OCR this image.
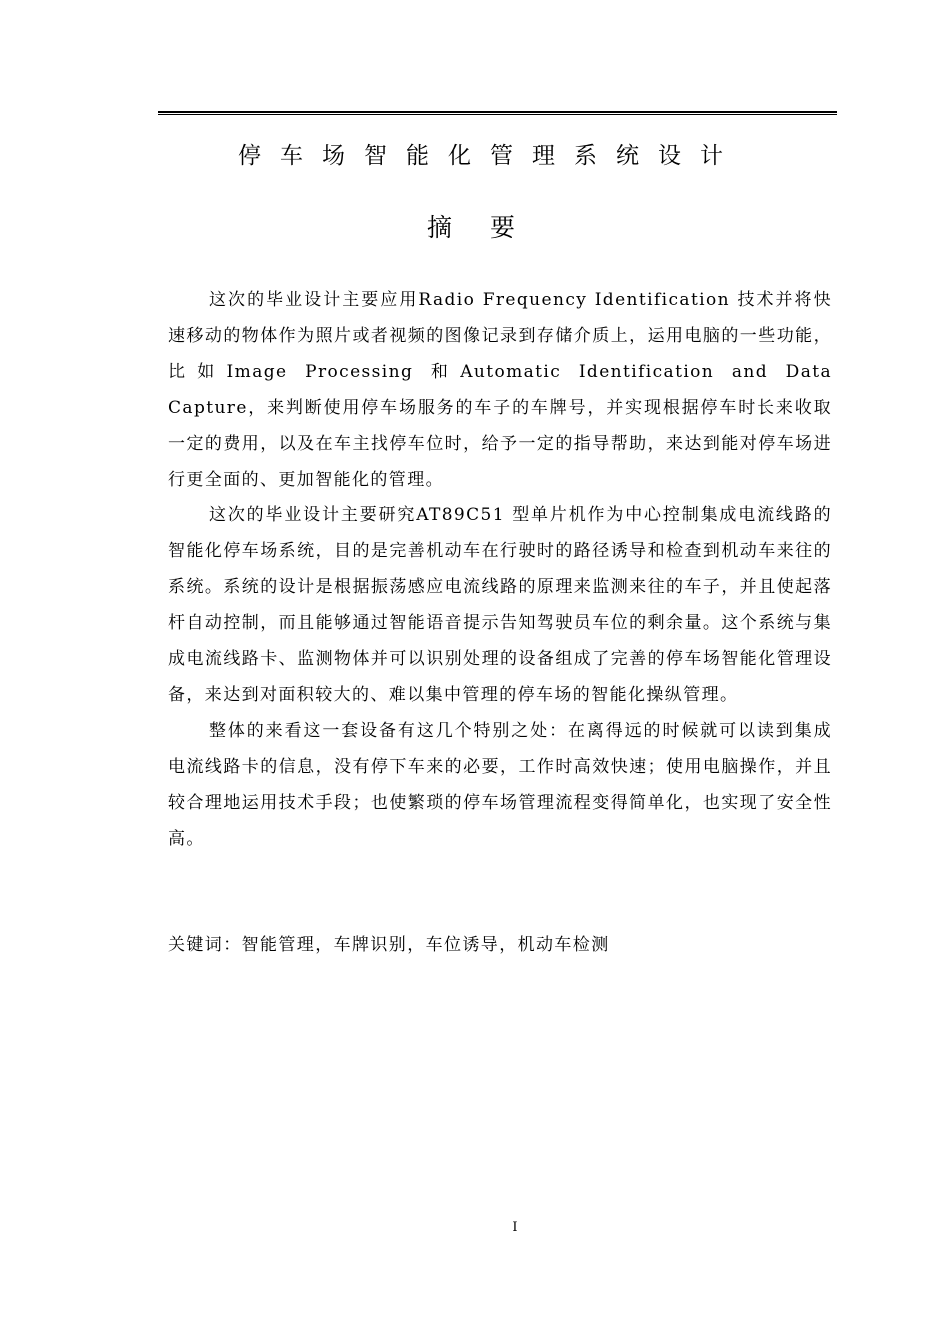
停车场智能化管理系统设计
摘要

这次的毕业设计主要应用Radio Frequency Identification 技术并将快速移动的物体作为照片或者视频的图像记录到存储介质上，运用电脑的一些功能，比如Image Processing 和Automatic Identification and Data Capture，来判断使用停车场服务的车子的车牌号，并实现根据停车时长来收取一定的费用，以及在车主找停车位时，给予一定的指导帮助，来达到能对停车场进行更全面的、更加智能化的管理。

这次的毕业设计主要研究AT89C51 型单片机作为中心控制集成电流线路的智能化停车场系统，目的是完善机动车在行驶时的路径诱导和检查到机动车来往的系统。系统的设计是根据振荡感应电流线路的原理来监测来往的车子，并且使起落杆自动控制，而且能够通过智能语音提示告知驾驶员车位的剩余量。这个系统与集成电流线路卡、监测物体并可以识别处理的设备组成了完善的停车场智能化管理设备，来达到对面积较大的、难以集中管理的停车场的智能化操纵管理。

整体的来看这一套设备有这几个特别之处：在离得远的时候就可以读到集成电流线路卡的信息，没有停下车来的必要，工作时高效快速；使用电脑操作，并且较合理地运用技术手段；也使繁琐的停车场管理流程变得简单化，也实现了安全性高。

关键词：智能管理，车牌识别，车位诱导，机动车检测
I
